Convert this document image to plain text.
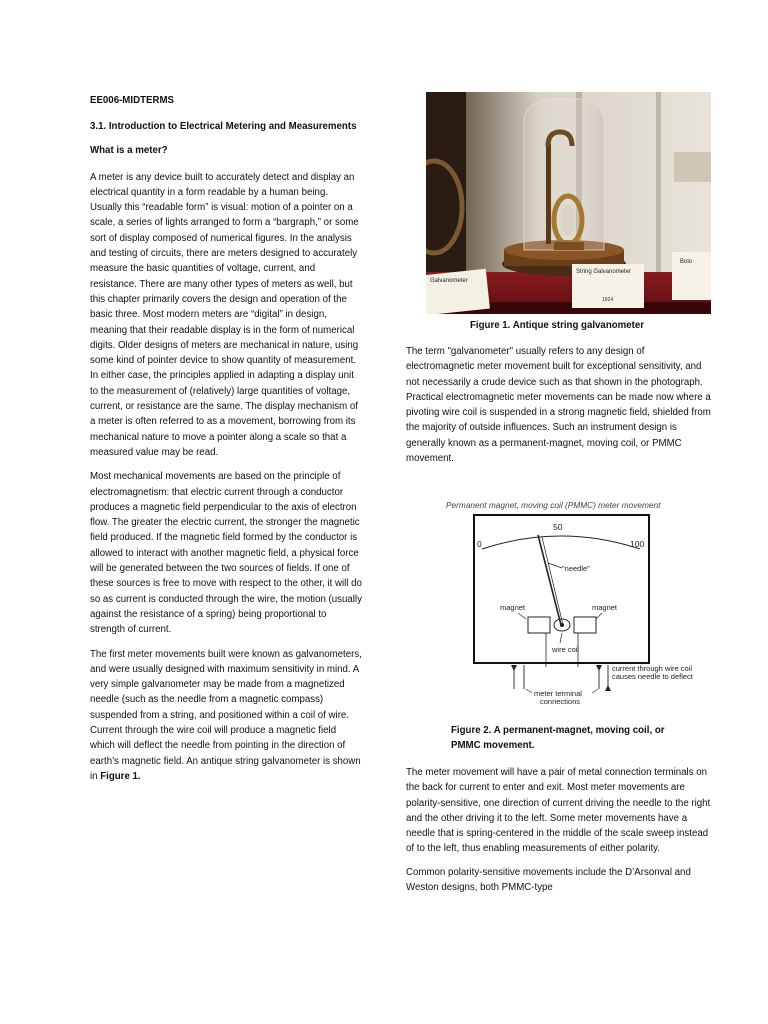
EE006-MIDTERMS

3.1. Introduction to Electrical Metering and Measurements

What is a meter?

A meter is any device built to accurately detect and display an electrical quantity in a form readable by a human being. Usually this “readable form” is visual: motion of a pointer on a scale, a series of lights arranged to form a “bargraph,” or some sort of display composed of numerical figures. In the analysis and testing of circuits, there are meters designed to accurately measure the basic quantities of voltage, current, and resistance. There are many other types of meters as well, but this chapter primarily covers the design and operation of the basic three. Most modern meters are “digital” in design, meaning that their readable display is in the form of numerical digits. Older designs of meters are mechanical in nature, using some kind of pointer device to show quantity of measurement. In either case, the principles applied in adapting a display unit to the measurement of (relatively) large quantities of voltage, current, or resistance are the same. The display mechanism of a meter is often referred to as a movement, borrowing from its mechanical nature to move a pointer along a scale so that a measured value may be read.

Most mechanical movements are based on the principle of electromagnetism: that electric current through a conductor produces a magnetic field perpendicular to the axis of electron flow. The greater the electric current, the stronger the magnetic field produced. If the magnetic field formed by the conductor is allowed to interact with another magnetic field, a physical force will be generated between the two sources of fields. If one of these sources is free to move with respect to the other, it will do so as current is conducted through the wire, the motion (usually against the resistance of a spring) being proportional to strength of current.

The first meter movements built were known as galvanometers, and were usually designed with maximum sensitivity in mind. A very simple galvanometer may be made from a magnetized needle (such as the needle from a magnetic compass) suspended from a string, and positioned within a coil of wire. Current through the wire coil will produce a magnetic field which will deflect the needle from pointing in the direction of earth’s magnetic field. An antique string galvanometer is shown in Figure 1.

Galvanometer
String Galvanometer
1924
Bolo

Figure 1. Antique string galvanometer

The term "galvanometer" usually refers to any design of electromagnetic meter movement built for exceptional sensitivity, and not necessarily a crude device such as that shown in the photograph. Practical electromagnetic meter movements can be made now where a pivoting wire coil is suspended in a strong magnetic field, shielded from the majority of outside influences. Such an instrument design is generally known as a permanent-magnet, moving coil, or PMMC movement.

Permanent magnet, moving coil (PMMC) meter movement
0
50
100
"needle"
magnet	magnet
wire coil
current through wire coil
causes needle to deflect
meter terminal
connections

Figure 2. A permanent-magnet, moving coil, or PMMC movement.

The meter movement will have a pair of metal connection terminals on the back for current to enter and exit. Most meter movements are polarity-sensitive, one direction of current driving the needle to the right and the other driving it to the left. Some meter movements have a needle that is spring-centered in the middle of the scale sweep instead of to the left, thus enabling measurements of either polarity.

Common polarity-sensitive movements include the D’Arsonval and Weston designs, both PMMC-type
